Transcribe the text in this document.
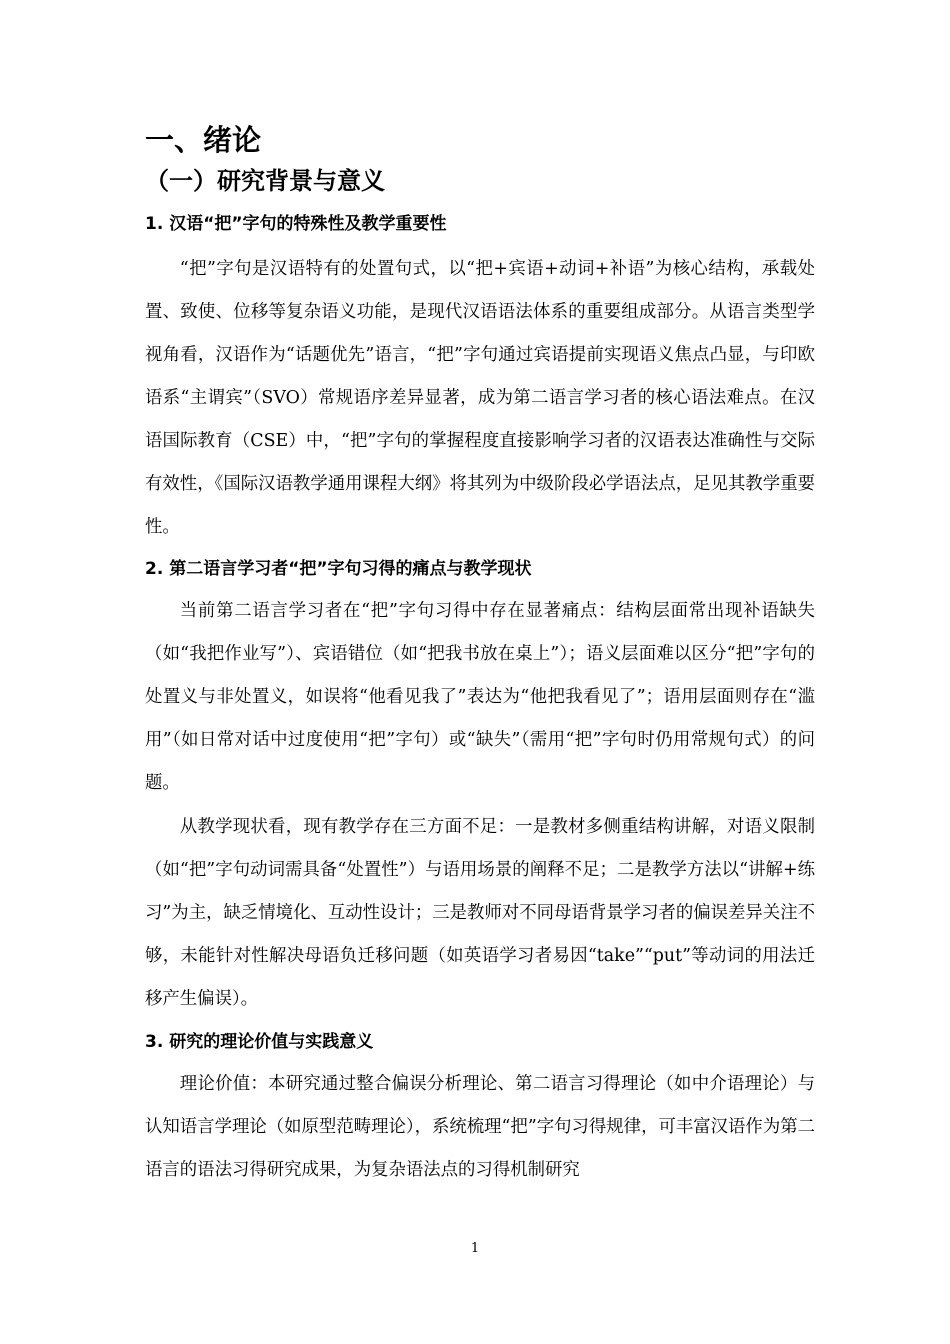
一、绪论
（一）研究背景与意义
1. 汉语“把”字句的特殊性及教学重要性

“把”字句是汉语特有的处置句式，以“把+宾语+动词+补语”为核心结构，承载处置、致使、位移等复杂语义功能，是现代汉语语法体系的重要组成部分。从语言类型学视角看，汉语作为“话题优先”语言，“把”字句通过宾语提前实现语义焦点凸显，与印欧语系“主谓宾”（SVO）常规语序差异显著，成为第二语言学习者的核心语法难点。在汉语国际教育（CSE）中，“把”字句的掌握程度直接影响学习者的汉语表达准确性与交际有效性，《国际汉语教学通用课程大纲》将其列为中级阶段必学语法点，足见其教学重要性。

2. 第二语言学习者“把”字句习得的痛点与教学现状

当前第二语言学习者在“把”字句习得中存在显著痛点：结构层面常出现补语缺失（如“我把作业写”）、宾语错位（如“把我书放在桌上”）；语义层面难以区分“把”字句的处置义与非处置义，如误将“他看见我了”表达为“他把我看见了”；语用层面则存在“滥用”（如日常对话中过度使用“把”字句）或“缺失”（需用“把”字句时仍用常规句式）的问题。

从教学现状看，现有教学存在三方面不足：一是教材多侧重结构讲解，对语义限制（如“把”字句动词需具备“处置性”）与语用场景的阐释不足；二是教学方法以“讲解+练习”为主，缺乏情境化、互动性设计；三是教师对不同母语背景学习者的偏误差异关注不够，未能针对性解决母语负迁移问题（如英语学习者易因“take”“put”等动词的用法迁移产生偏误）。

3. 研究的理论价值与实践意义

理论价值：本研究通过整合偏误分析理论、第二语言习得理论（如中介语理论）与认知语言学理论（如原型范畴理论），系统梳理“把”字句习得规律，可丰富汉语作为第二语言的语法习得研究成果，为复杂语法点的习得机制研究

1
